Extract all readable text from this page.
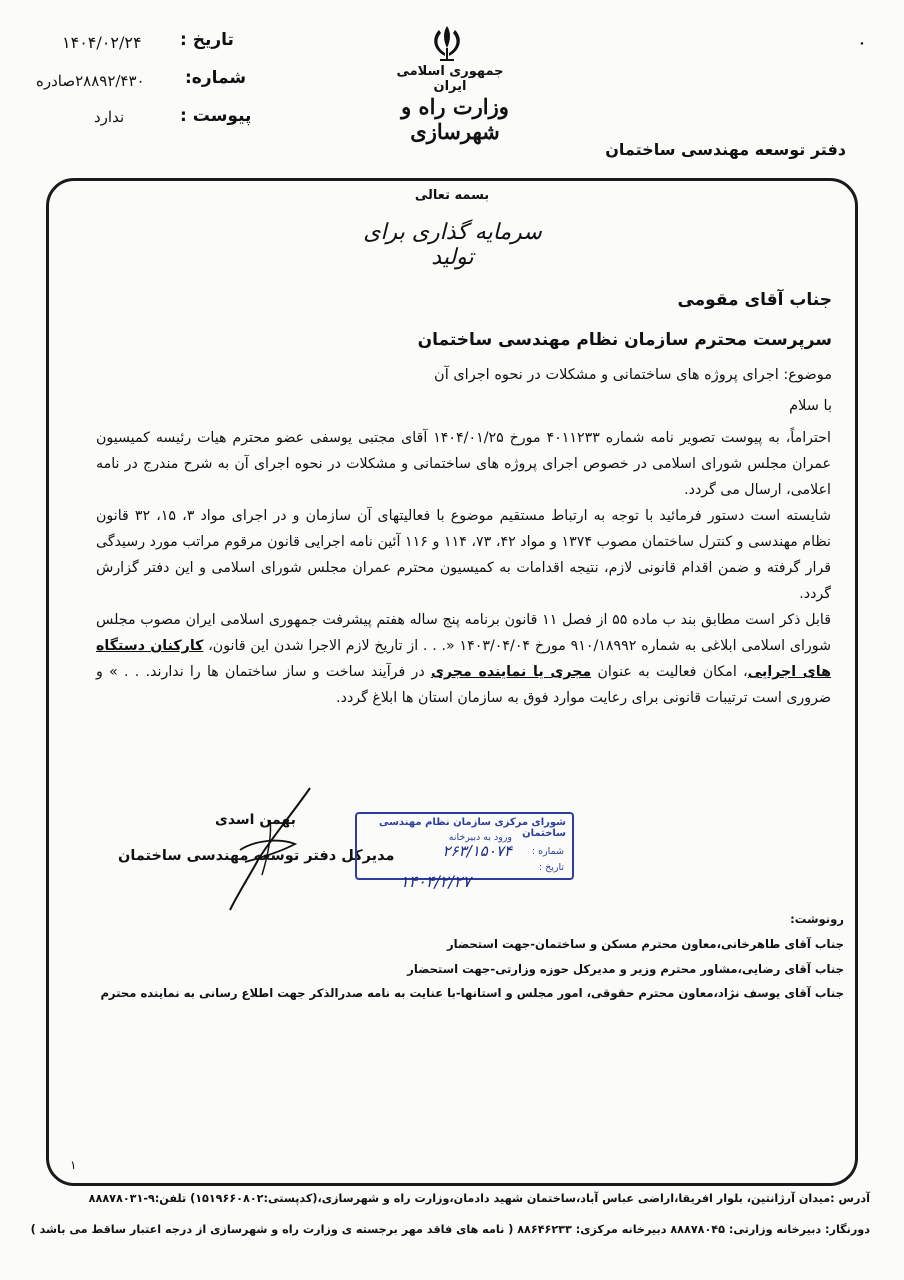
تاریخ :
۱۴۰۴/۰۲/۲۴
شماره:
۲۸۸۹۲/۴۳۰صادره
پیوست :
ندارد
جمهوری اسلامی ایران
وزارت راه و شهرسازی
۰
دفتر توسعه مهندسی ساختمان
بسمه تعالی
سرمایه گذاری برای تولید
جناب آقای مقومی
سرپرست محترم سازمان نظام مهندسی ساختمان
موضوع: اجرای پروژه های ساختمانی و مشکلات در نحوه اجرای آن
با سلام

احتراماً، به پیوست تصویر نامه شماره ۴۰۱۱۲۳۳ مورخ ۱۴۰۴/۰۱/۲۵ آقای مجتبی یوسفی عضو محترم هیات رئیسه کمیسیون عمران مجلس شورای اسلامی در خصوص اجرای پروژه های ساختمانی و مشکلات در نحوه اجرای آن به شرح مندرج در نامه اعلامی، ارسال می گردد.

شایسته است دستور فرمائید با توجه به ارتباط مستقیم موضوع با فعالیتهای آن سازمان و در اجرای مواد ۳، ۱۵، ۳۲ قانون نظام مهندسی و کنترل ساختمان مصوب ۱۳۷۴ و مواد ۴۲، ۷۳، ۱۱۴ و ۱۱۶ آئین نامه اجرایی قانون مرقوم مراتب مورد رسیدگی قرار گرفته و ضمن اقدام قانونی لازم، نتیجه اقدامات به کمیسیون محترم عمران مجلس شورای اسلامی و این دفتر گزارش گردد.

قابل ذکر است مطابق بند ب ماده ۵۵ از فصل ۱۱ قانون برنامه پنج ساله هفتم پیشرفت جمهوری اسلامی ایران مصوب مجلس شورای اسلامی ابلاغی به شماره ۹۱۰/۱۸۹۹۲ مورخ ۱۴۰۳/۰۴/۰۴ «. . . از تاریخ لازم الاجرا شدن این قانون، کارکنان دستگاه های اجرایی، امکان فعالیت به عنوان مجری یا نماینده مجری در فرآیند ساخت و ساز ساختمان ها را ندارند. . . » و ضروری است ترتیبات قانونی برای رعایت موارد فوق به سازمان استان ها ابلاغ گردد.

بهمن اسدی
مدیرکل دفتر توسعه مهندسی ساختمان
شورای مرکزی سازمان نظام مهندسی ساختمان
ورود به دبیرخانه
شماره :
۲۶۳/۱۵۰۷۴
تاریخ :
۱۴۰۴/۲/۲۷
رونوشت:
جناب آقای طاهرخانی،معاون محترم مسکن و ساختمان-جهت استحضار
جناب آقای رضایی،مشاور محترم وزیر و مدیرکل حوزه وزارتی-جهت استحضار
جناب آقای یوسف نژاد،معاون محترم حقوقی، امور مجلس و استانها-با عنایت به نامه صدرالذکر جهت اطلاع رسانی به نماینده محترم
۱
آدرس :میدان آرژانتین، بلوار افریقا،اراضی عباس آباد،ساختمان شهید دادمان،وزارت راه و شهرسازی،(کدپستی:۱۵۱۹۶۶۰۸۰۲) تلفن:۹-۸۸۸۷۸۰۳۱
دورنگار: دبیرخانه وزارتی: ۸۸۸۷۸۰۴۵ دبیرخانه مرکزی: ۸۸۶۴۶۲۳۳ ( نامه های فاقد مهر برجسته ی وزارت راه و شهرسازی از درجه اعتبار ساقط می باشد )
